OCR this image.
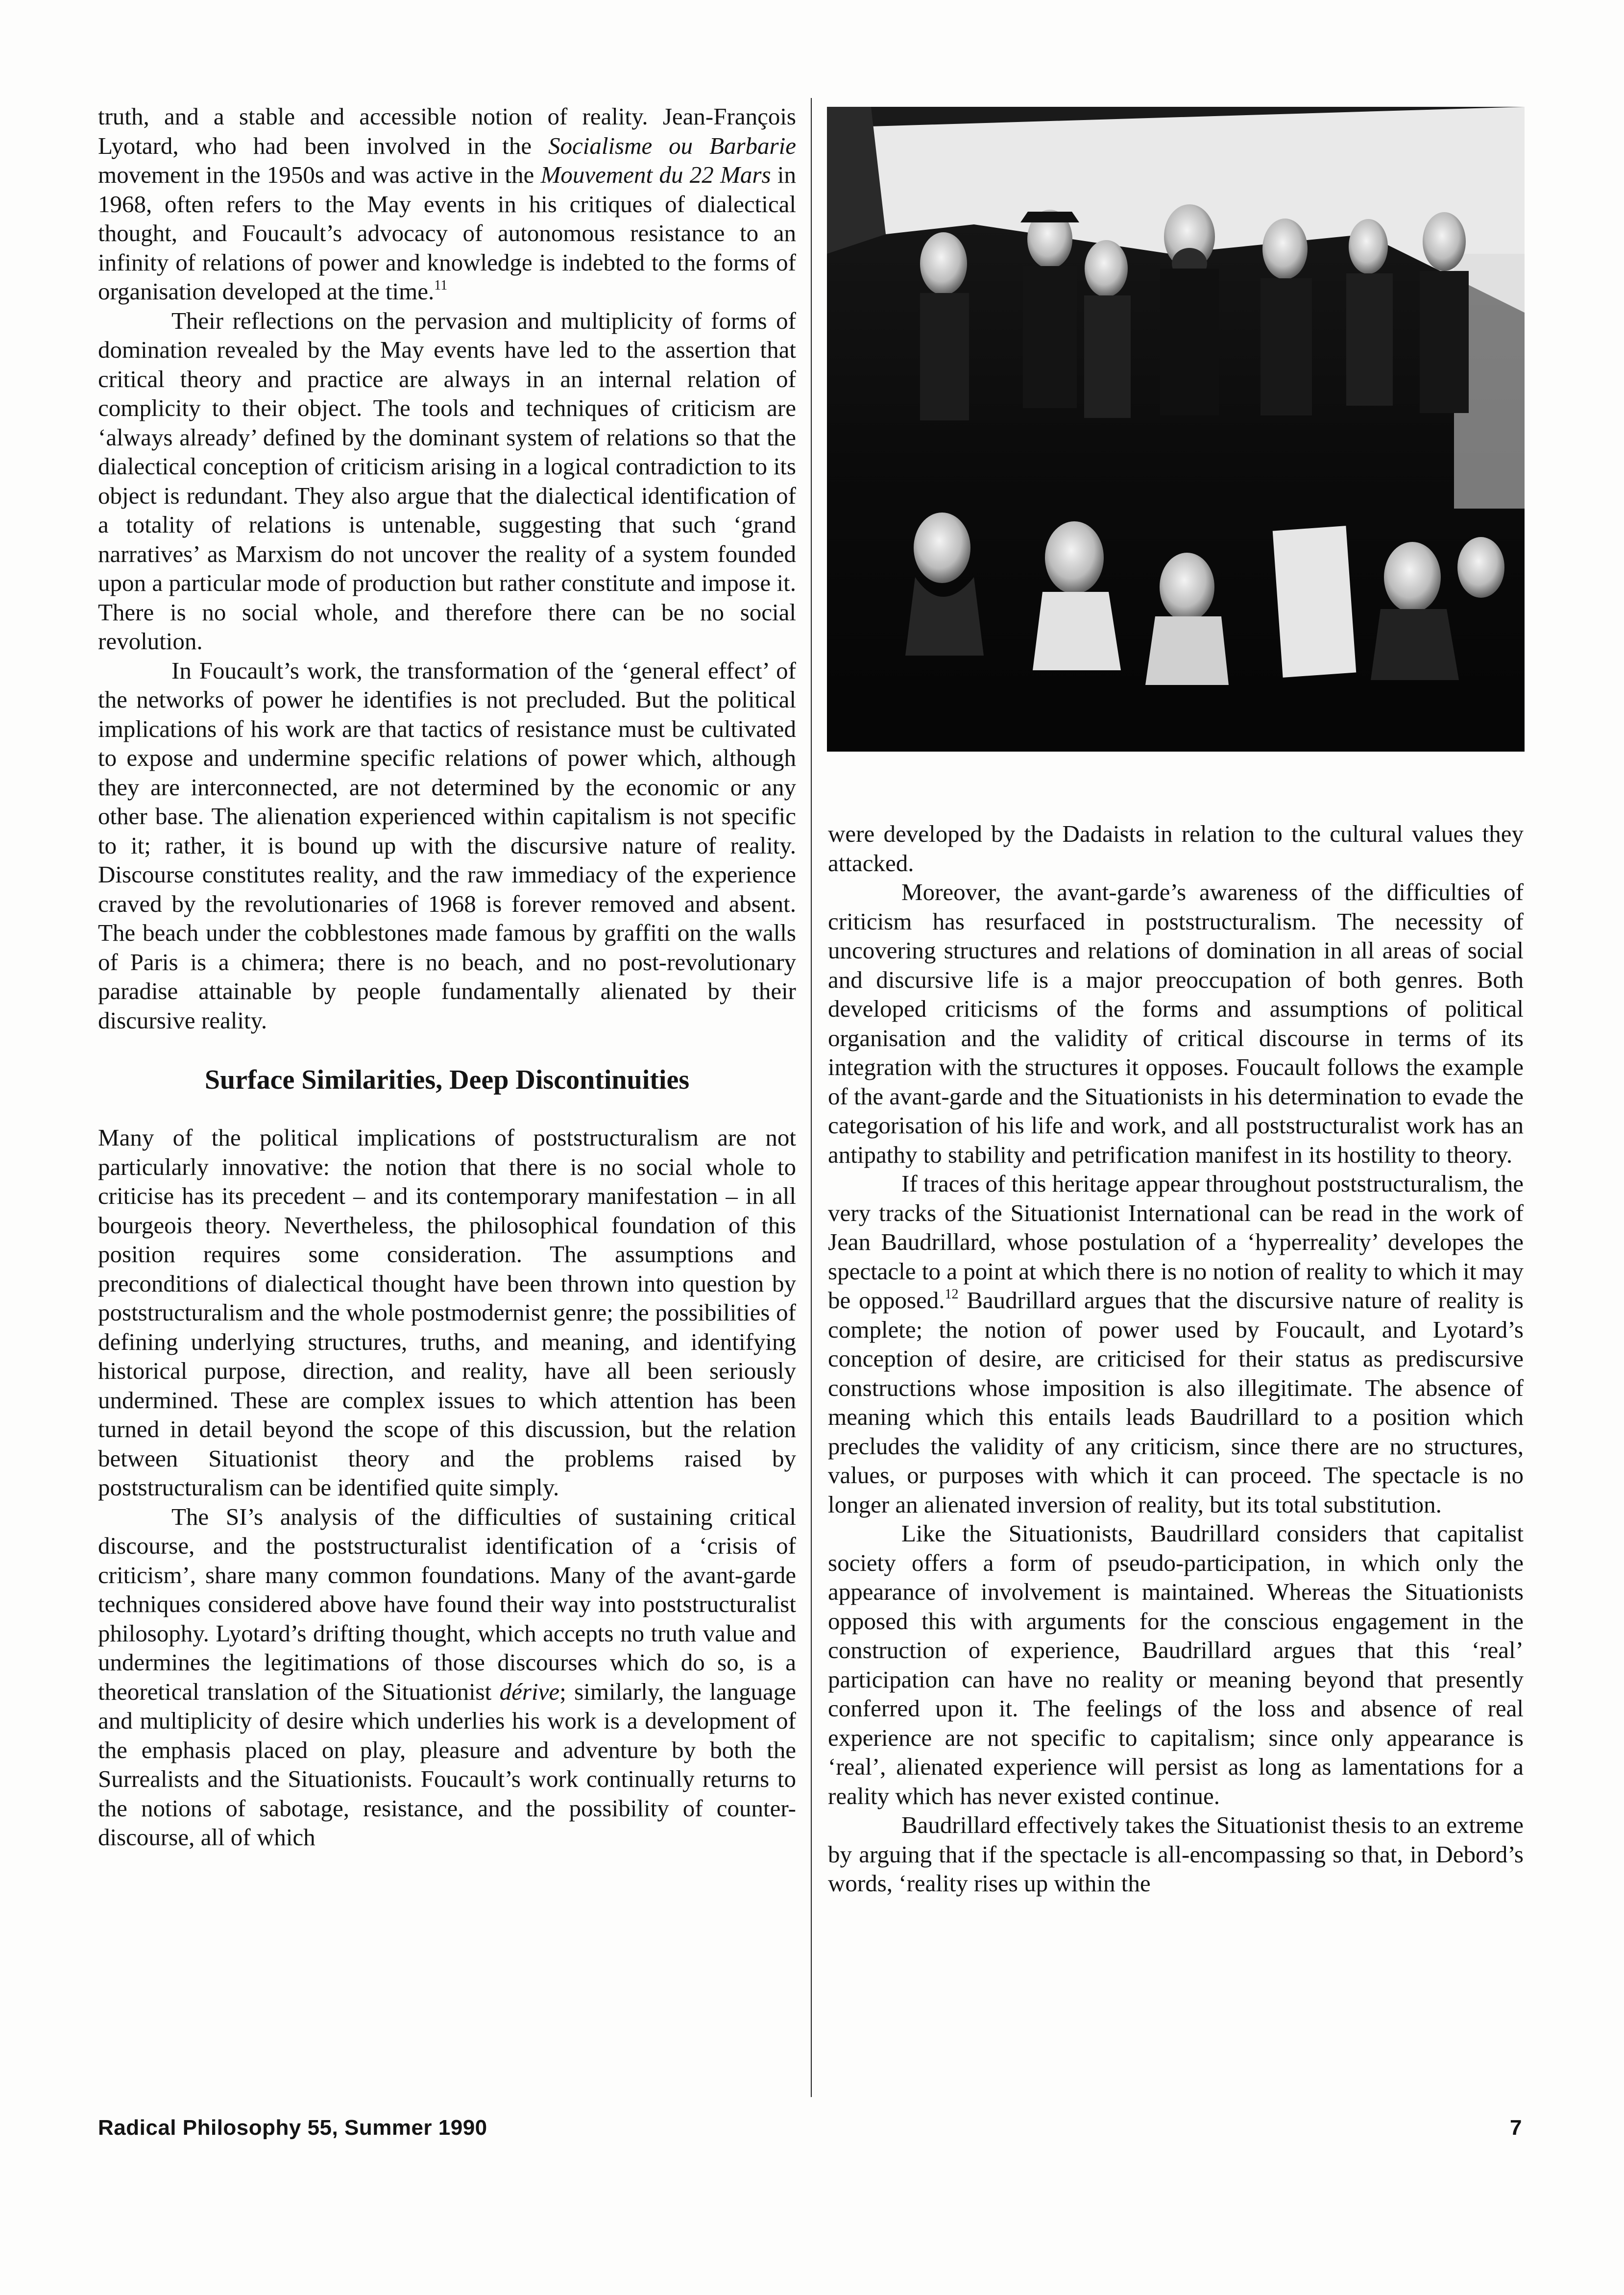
truth, and a stable and accessible notion of reality. Jean-François Lyotard, who had been involved in the Socialisme ou Barbarie movement in the 1950s and was active in the Mouvement du 22 Mars in 1968, often refers to the May events in his critiques of dialectical thought, and Foucault’s advocacy of autonomous resistance to an infinity of relations of power and knowledge is indebted to the forms of organisation developed at the time.$^{11}$

Their reflections on the pervasion and multiplicity of forms of domination revealed by the May events have led to the assertion that critical theory and practice are always in an internal relation of complicity to their object. The tools and techniques of criticism are ‘always already’ defined by the dominant system of relations so that the dialectical conception of criticism arising in a logical contradiction to its object is redundant. They also argue that the dialectical identification of a totality of relations is untenable, suggesting that such ‘grand narratives’ as Marxism do not uncover the reality of a system founded upon a particular mode of production but rather constitute and impose it. There is no social whole, and therefore there can be no social revolution.

In Foucault’s work, the transformation of the ‘general effect’ of the networks of power he identifies is not precluded. But the political implications of his work are that tactics of resistance must be cultivated to expose and undermine specific relations of power which, although they are interconnected, are not determined by the economic or any other base. The alienation experienced within capitalism is not specific to it; rather, it is bound up with the discursive nature of reality. Discourse constitutes reality, and the raw immediacy of the experience craved by the revolutionaries of 1968 is forever removed and absent. The beach under the cobblestones made famous by graffiti on the walls of Paris is a chimera; there is no beach, and no post-revolutionary paradise attainable by people fundamentally alienated by their discursive reality.

Surface Similarities, Deep Discontinuities

Many of the political implications of poststructuralism are not particularly innovative: the notion that there is no social whole to criticise has its precedent – and its contemporary manifestation – in all bourgeois theory. Nevertheless, the philosophical foundation of this position requires some consideration. The assumptions and preconditions of dialectical thought have been thrown into question by poststructuralism and the whole postmodernist genre; the possibilities of defining underlying structures, truths, and meaning, and identifying historical purpose, direction, and reality, have all been seriously undermined. These are complex issues to which attention has been turned in detail beyond the scope of this discussion, but the relation between Situationist theory and the problems raised by poststructuralism can be identified quite simply.

The SI’s analysis of the difficulties of sustaining critical discourse, and the poststructuralist identification of a ‘crisis of criticism’, share many common foundations. Many of the avant-garde techniques considered above have found their way into poststructuralist philosophy. Lyotard’s drifting thought, which accepts no truth value and undermines the legitimations of those discourses which do so, is a theoretical translation of the Situationist dérive; similarly, the language and multiplicity of desire which underlies his work is a development of the emphasis placed on play, pleasure and adventure by both the Surrealists and the Situationists. Foucault’s work continually returns to the notions of sabotage, resistance, and the possibility of counter-discourse, all of which

were developed by the Dadaists in relation to the cultural values they attacked.

Moreover, the avant-garde’s awareness of the difficulties of criticism has resurfaced in poststructuralism. The necessity of uncovering structures and relations of domination in all areas of social and discursive life is a major preoccupation of both genres. Both developed criticisms of the forms and assumptions of political organisation and the validity of critical discourse in terms of its integration with the structures it opposes. Foucault follows the example of the avant-garde and the Situationists in his determination to evade the categorisation of his life and work, and all poststructuralist work has an antipathy to stability and petrification manifest in its hostility to theory.

If traces of this heritage appear throughout poststructuralism, the very tracks of the Situationist International can be read in the work of Jean Baudrillard, whose postulation of a ‘hyperreality’ developes the spectacle to a point at which there is no notion of reality to which it may be opposed.$^{12}$ Baudrillard argues that the discursive nature of reality is complete; the notion of power used by Foucault, and Lyotard’s conception of desire, are criticised for their status as prediscursive constructions whose imposition is also illegitimate. The absence of meaning which this entails leads Baudrillard to a position which precludes the validity of any criticism, since there are no structures, values, or purposes with which it can proceed. The spectacle is no longer an alienated inversion of reality, but its total substitution.

Like the Situationists, Baudrillard considers that capitalist society offers a form of pseudo-participation, in which only the appearance of involvement is maintained. Whereas the Situationists opposed this with arguments for the conscious engagement in the construction of experience, Baudrillard argues that this ‘real’ participation can have no reality or meaning beyond that presently conferred upon it. The feelings of the loss and absence of real experience are not specific to capitalism; since only appearance is ‘real’, alienated experience will persist as long as lamentations for a reality which has never existed continue.

Baudrillard effectively takes the Situationist thesis to an extreme by arguing that if the spectacle is all-encompassing so that, in Debord’s words, ‘reality rises up within the

Radical Philosophy 55, Summer 1990	7
